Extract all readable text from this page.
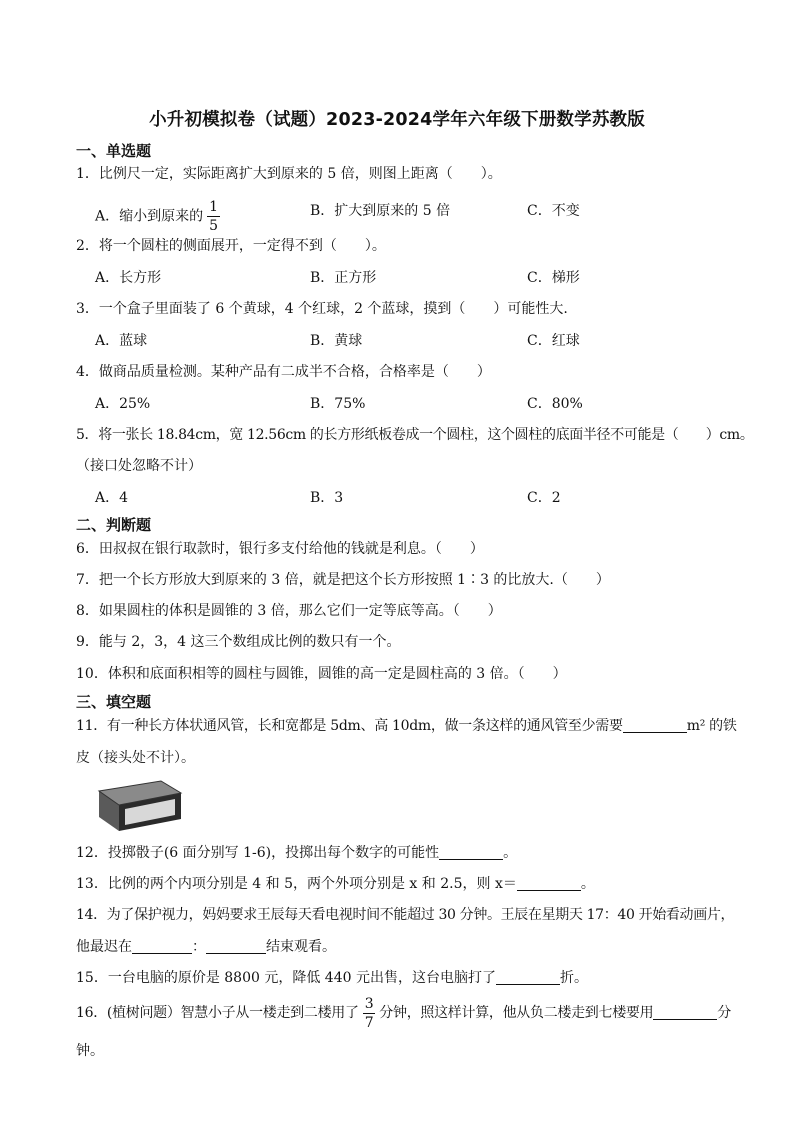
小升初模拟卷（试题）2023-2024学年六年级下册数学苏教版
一、单选题
1．比例尺一定，实际距离扩大到原来的 5 倍，则图上距离（　　）。
A．缩小到原来的 $\frac{1}{5}$	B．扩大到原来的 5 倍	C．不变
2．将一个圆柱的侧面展开，一定得不到（　　）。
A．长方形	B．正方形	C．梯形
3．一个盒子里面装了 6 个黄球，4 个红球，2 个蓝球，摸到（　　）可能性大.
A．蓝球	B．黄球	C．红球
4．做商品质量检测。某种产品有二成半不合格，合格率是（　　）
A．25%	B．75%	C．80%
5．将一张长 18.84cm，宽 12.56cm 的长方形纸板卷成一个圆柱，这个圆柱的底面半径不可能是（　　）cm。
（接口处忽略不计）
A．4	B．3	C．2
二、判断题
6．田叔叔在银行取款时，银行多支付给他的钱就是利息。（　　）
7．把一个长方形放大到原来的 3 倍，就是把这个长方形按照 1∶3 的比放大.（　　）
8．如果圆柱的体积是圆锥的 3 倍，那么它们一定等底等高。（　　）
9．能与 2，3，4 这三个数组成比例的数只有一个。
10．体积和底面积相等的圆柱与圆锥，圆锥的高一定是圆柱高的 3 倍。（　　）
三、填空题
11．有一种长方体状通风管，长和宽都是 5dm、高 10dm，做一条这样的通风管至少需要	m² 的铁
皮（接头处不计）。
12．投掷骰子(6 面分别写 1-6)，投掷出每个数字的可能性	。
13．比例的两个内项分别是 4 和 5，两个外项分别是 x 和 2.5，则 x＝	。
14．为了保护视力，妈妈要求王辰每天看电视时间不能超过 30 分钟。王辰在星期天 17：40 开始看动画片，
他最迟在	：	结束观看。
15．一台电脑的原价是 8800 元，降低 440 元出售，这台电脑打了	折。
16．(植树问题）智慧小子从一楼走到二楼用了 $\frac{3}{7}$ 分钟，照这样计算，他从负二楼走到七楼要用	分
钟。
